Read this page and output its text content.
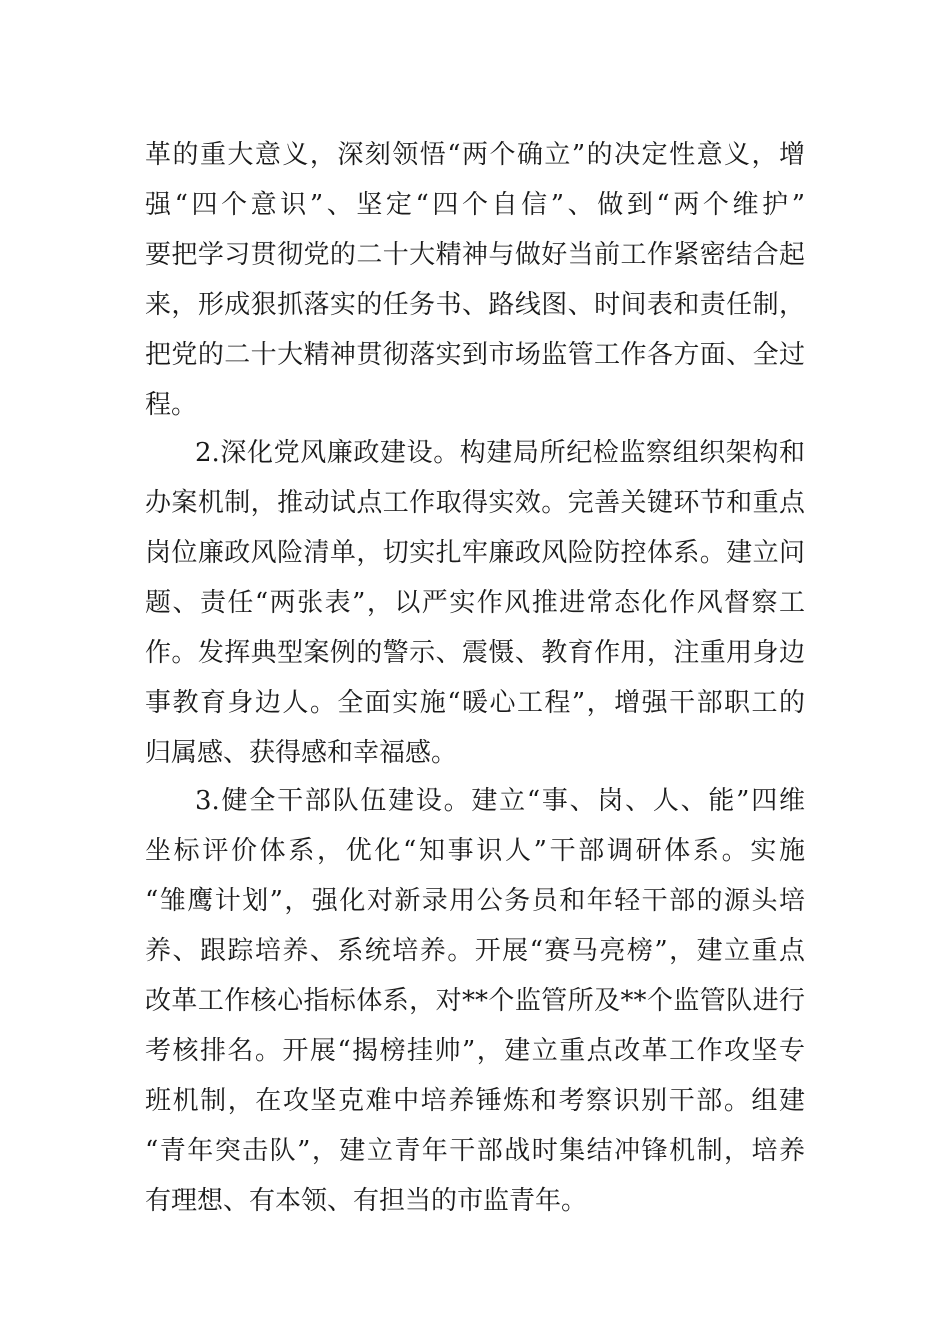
革的重大意义，深刻领悟“两个确立”的决定性意义，增
强“四个意识”、坚定“四个自信”、做到“两个维护”
要把学习贯彻党的二十大精神与做好当前工作紧密结合起
来，形成狠抓落实的任务书、路线图、时间表和责任制，
把党的二十大精神贯彻落实到市场监管工作各方面、全过
程。
2.深化党风廉政建设。构建局所纪检监察组织架构和
办案机制，推动试点工作取得实效。完善关键环节和重点
岗位廉政风险清单，切实扎牢廉政风险防控体系。建立问
题、责任“两张表”，以严实作风推进常态化作风督察工
作。发挥典型案例的警示、震慑、教育作用，注重用身边
事教育身边人。全面实施“暖心工程”，增强干部职工的
归属感、获得感和幸福感。
3.健全干部队伍建设。建立“事、岗、人、能”四维
坐标评价体系，优化“知事识人”干部调研体系。实施
“雏鹰计划”，强化对新录用公务员和年轻干部的源头培
养、跟踪培养、系统培养。开展“赛马亮榜”，建立重点
改革工作核心指标体系，对**个监管所及**个监管队进行
考核排名。开展“揭榜挂帅”，建立重点改革工作攻坚专
班机制，在攻坚克难中培养锤炼和考察识别干部。组建
“青年突击队”，建立青年干部战时集结冲锋机制，培养
有理想、有本领、有担当的市监青年。
